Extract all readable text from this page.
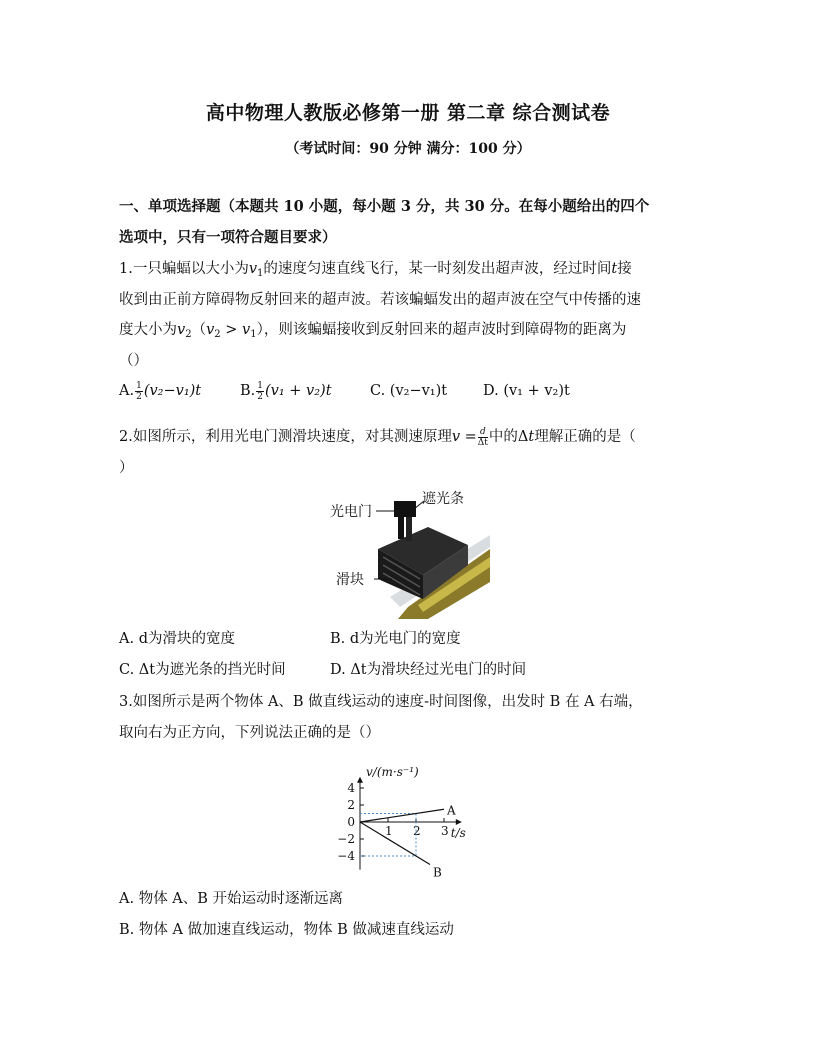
高中物理人教版必修第一册 第二章 综合测试卷
（考试时间：90 分钟 满分：100 分）
一、单项选择题（本题共 10 小题，每小题 3 分，共 30 分。在每小题给出的四个
选项中，只有一项符合题目要求）
1.一只蝙蝠以大小为$v_1$的速度匀速直线飞行，某一时刻发出超声波，经过时间t接
收到由正前方障碍物反射回来的超声波。若该蝙蝠发出的超声波在空气中传播的速
度大小为$v_2(v_2 > v_1)$，则该蝙蝠接收到反射回来的超声波时到障碍物的距离为
（）
A. $\frac{1}{2} (v_2-v_1)t$	B. $\frac{1}{2} (v_1 + v_2)t$	C. (v₂−v₁)t	D. (v₁ + v₂)t
2.如图所示，利用光电门测滑块速度，对其测速原理$v = \frac{d}{\Delta t}$ 中的Δt理解正确的是（
）
光电门
遮光条
滑块
A. d为滑块的宽度	B. d为光电门的宽度
C. Δt为遮光条的挡光时间	D. Δt为滑块经过光电门的时间
3.如图所示是两个物体 A、B 做直线运动的速度-时间图像，出发时 B 在 A 右端，
取向右为正方向，下列说法正确的是（）
v/(m·s⁻¹)
t/s
4
2
0
−2
−4
1 2 3
A
B
A. 物体 A、B 开始运动时逐渐远离
B. 物体 A 做加速直线运动，物体 B 做减速直线运动
